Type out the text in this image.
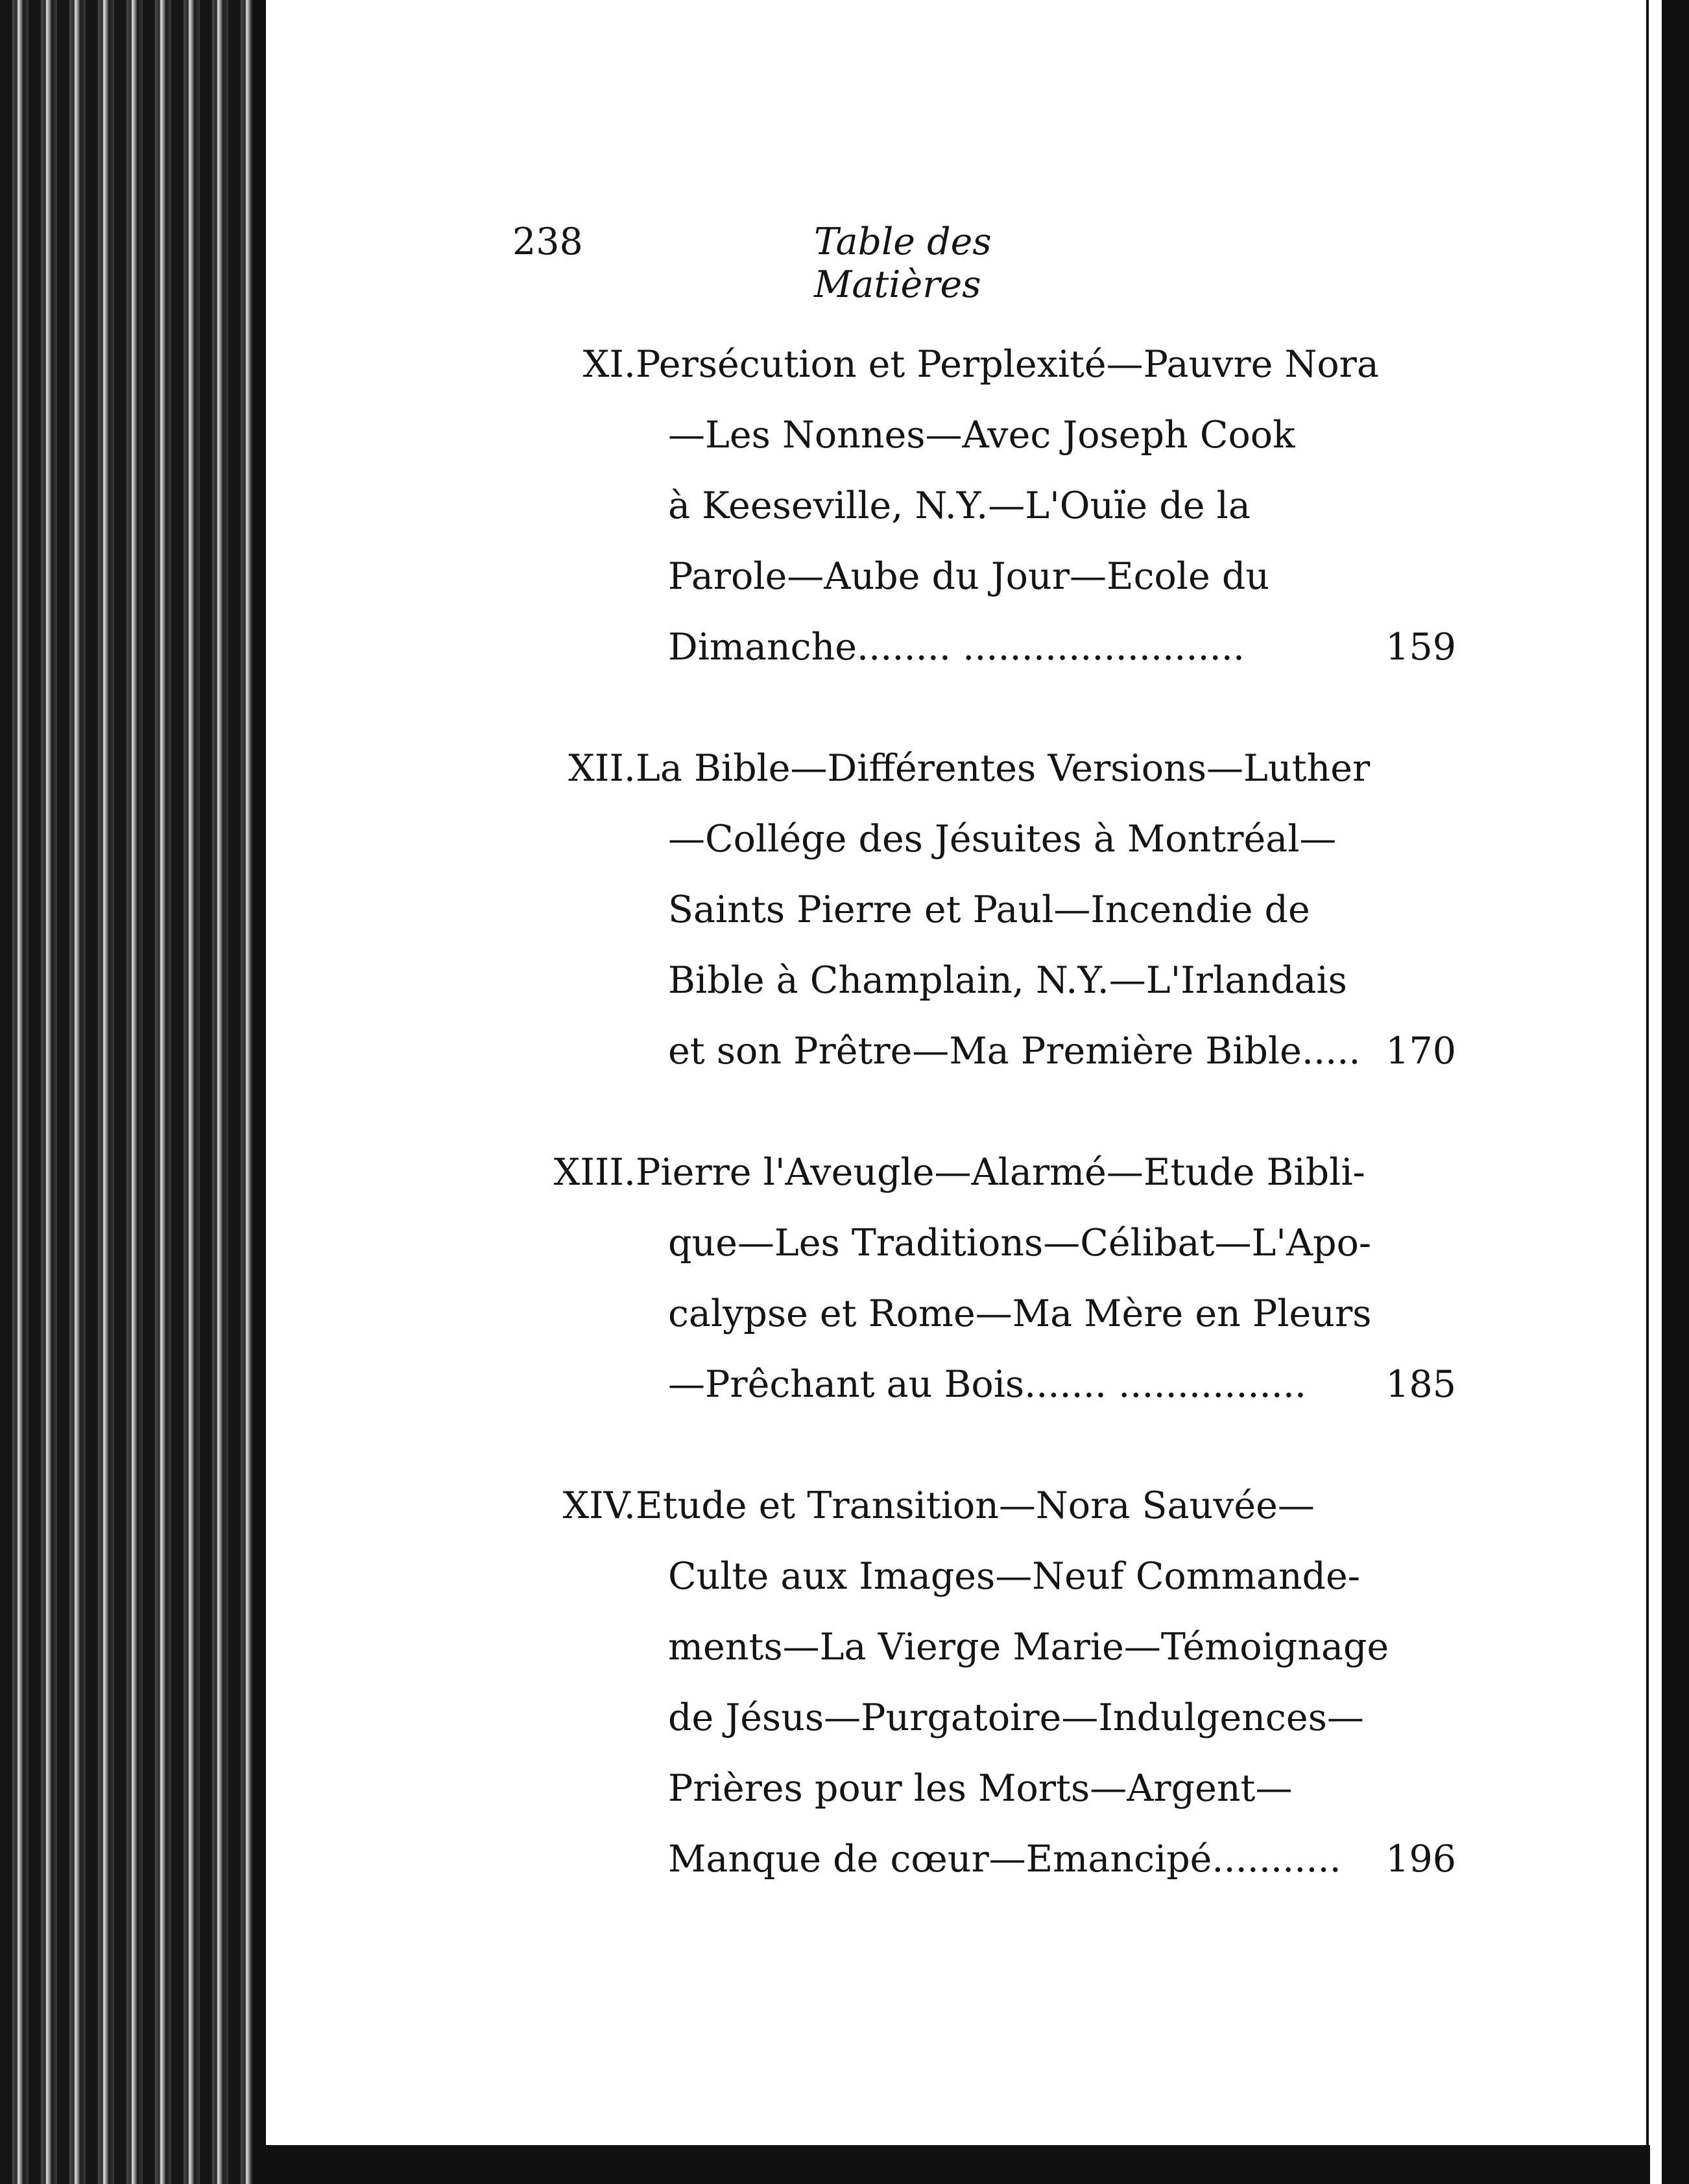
238	Table des Matières
XI. Persécution et Perplexité—Pauvre Nora
—Les Nonnes—Avec Joseph Cook
à Keeseville, N.Y.—L'Ouïe de la
Parole—Aube du Jour—Ecole du
Dimanche........ ........................	159
XII. La Bible—Différentes Versions—Luther
—Collége des Jésuites à Montréal—
Saints Pierre et Paul—Incendie de
Bible à Champlain, N.Y.—L'Irlandais
et son Prêtre—Ma Première Bible..... 170
XIII. Pierre l'Aveugle—Alarmé—Etude Bibli-
que—Les Traditions—Célibat—L'Apo-
calypse et Rome—Ma Mère en Pleurs
—Prêchant au Bois....... ................ 185
XIV. Etude et Transition—Nora Sauvée—
Culte aux Images—Neuf Commande-
ments—La Vierge Marie—Témoignage
de Jésus—Purgatoire—Indulgences—
Prières pour les Morts—Argent—
Manque de cœur—Emancipé........... 196
